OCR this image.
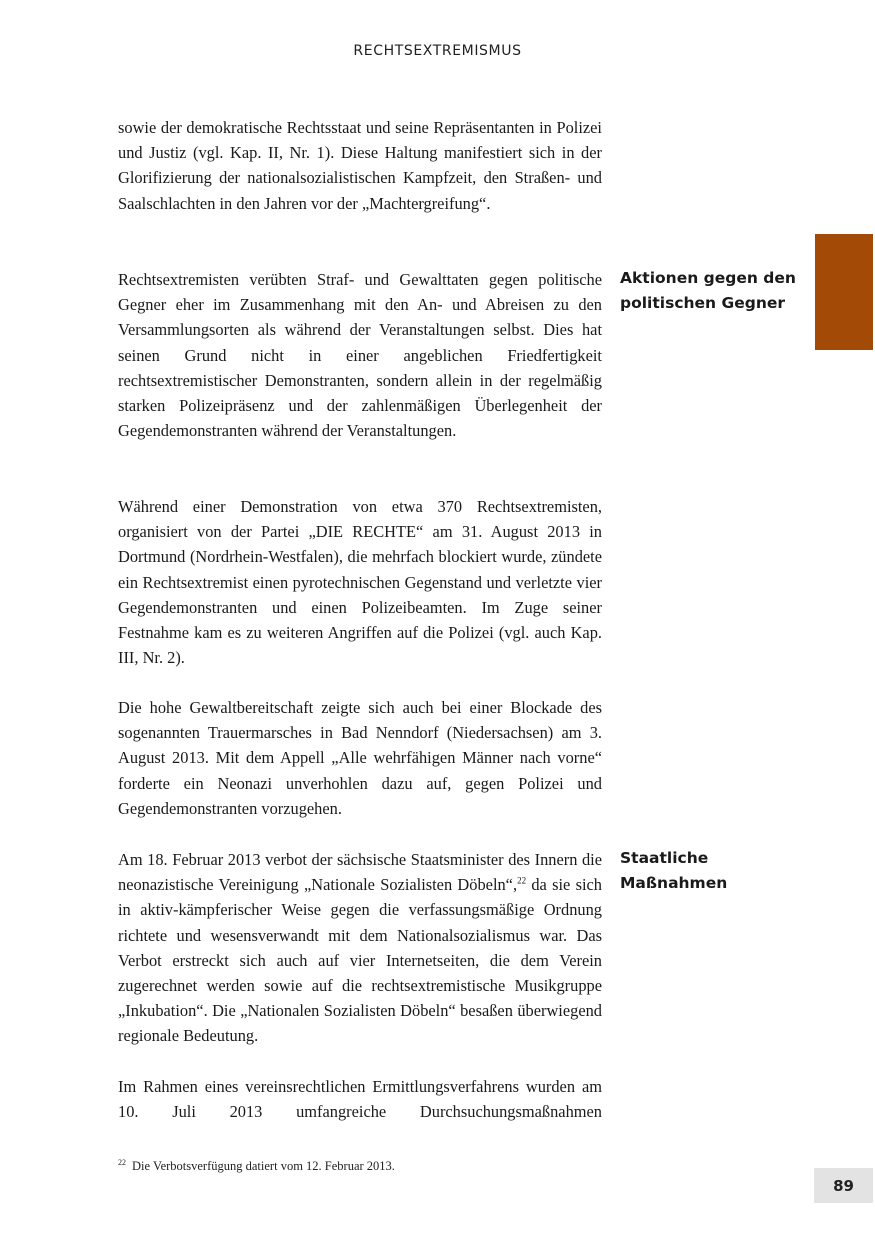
RECHTSEXTREMISMUS

sowie der demokratische Rechtsstaat und seine Repräsentanten in Polizei und Justiz (vgl. Kap. II, Nr. 1). Diese Haltung manifestiert sich in der Glorifizierung der nationalsozialistischen Kampfzeit, den Straßen- und Saalschlachten in den Jahren vor der „Machtergreifung“.

Rechtsextremisten verübten Straf- und Gewalttaten gegen politische Gegner eher im Zusammenhang mit den An- und Abreisen zu den Versammlungsorten als während der Veranstaltungen selbst. Dies hat seinen Grund nicht in einer angeblichen Friedfertigkeit rechtsextremistischer Demonstranten, sondern allein in der regelmäßig starken Polizeipräsenz und der zahlenmäßigen Überlegenheit der Gegendemonstranten während der Veranstaltungen.

Aktionen gegen den politischen Gegner

Während einer Demonstration von etwa 370 Rechtsextremisten, organisiert von der Partei „DIE RECHTE“ am 31. August 2013 in Dortmund (Nordrhein-Westfalen), die mehrfach blockiert wurde, zündete ein Rechtsextremist einen pyrotechnischen Gegenstand und verletzte vier Gegendemonstranten und einen Polizeibeamten. Im Zuge seiner Festnahme kam es zu weiteren Angriffen auf die Polizei (vgl. auch Kap. III, Nr. 2).

Die hohe Gewaltbereitschaft zeigte sich auch bei einer Blockade des sogenannten Trauermarsches in Bad Nenndorf (Niedersachsen) am 3. August 2013. Mit dem Appell „Alle wehrfähigen Männer nach vorne“ forderte ein Neonazi unverhohlen dazu auf, gegen Polizei und Gegendemonstranten vorzugehen.

Am 18. Februar 2013 verbot der sächsische Staatsminister des Innern die neonazistische Vereinigung „Nationale Sozialisten Döbeln“,$^{22}$ da sie sich in aktiv-kämpferischer Weise gegen die verfassungsmäßige Ordnung richtete und wesensverwandt mit dem Nationalsozialismus war. Das Verbot erstreckt sich auch auf vier Internetseiten, die dem Verein zugerechnet werden sowie auf die rechtsextremistische Musikgruppe „Inkubation“. Die „Nationalen Sozialisten Döbeln“ besaßen überwiegend regionale Bedeutung.

Staatliche Maßnahmen

Im Rahmen eines vereinsrechtlichen Ermittlungsverfahrens wurden am 10. Juli 2013 umfangreiche Durchsuchungsmaßnahmen

$^{22}$ Die Verbotsverfügung datiert vom 12. Februar 2013.
89
